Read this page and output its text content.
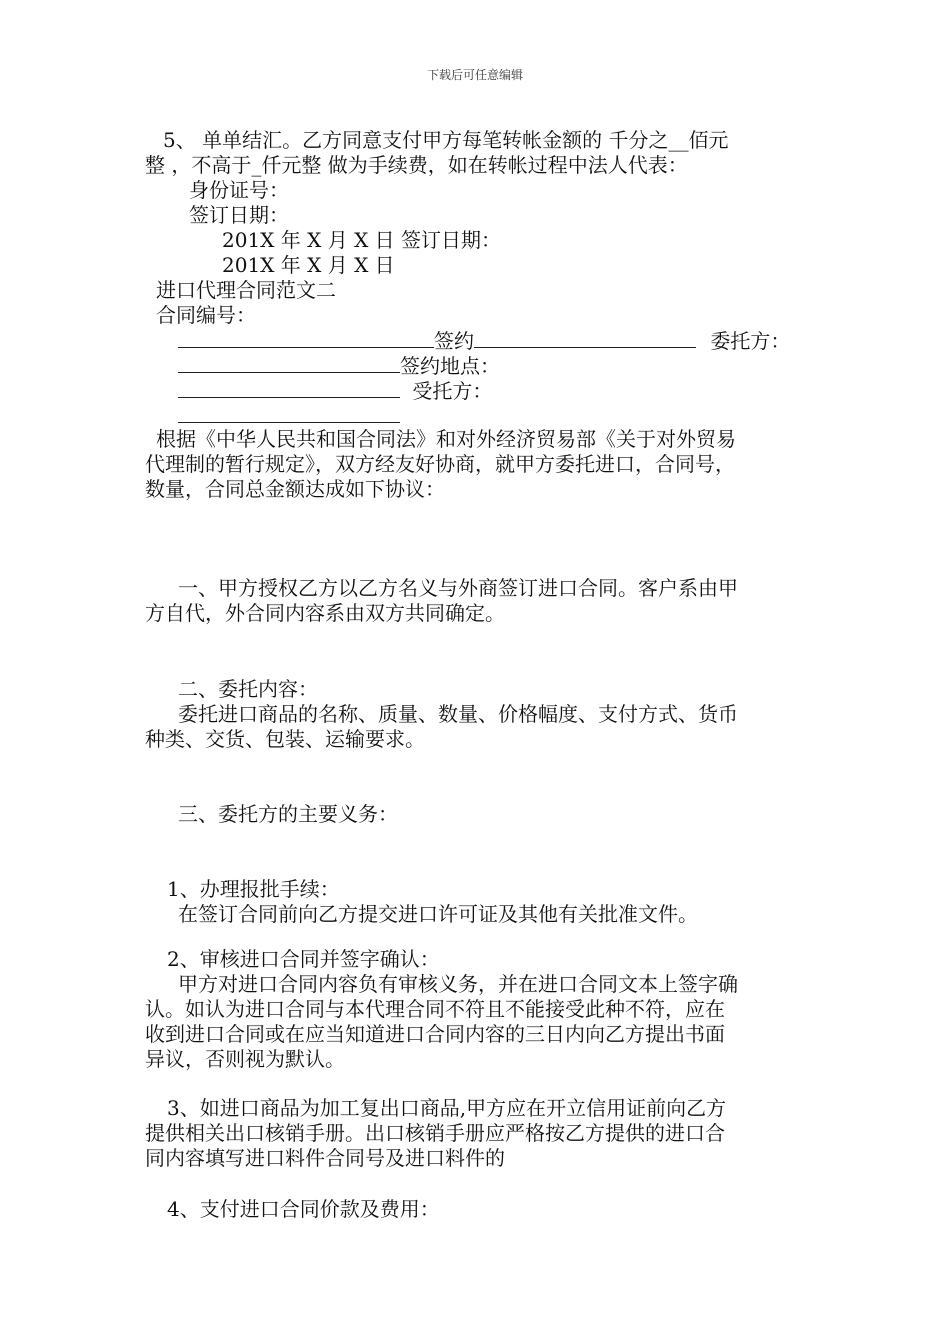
下载后可任意编辑
5、 单单结汇。乙方同意支付甲方每笔转帐金额的 千分之__佰元
整 ，不高于_仟元整 做为手续费，如在转帐过程中法人代表：
身份证号：
签订日期：
201X 年 X 月 X 日 签订日期：
201X 年 X 月 X 日
进口代理合同范文二
合同编号：
签约	委托方：
签约地点：
受托方：
根据《中华人民共和国合同法》和对外经济贸易部《关于对外贸易
代理制的暂行规定》，双方经友好协商，就甲方委托进口，合同号，
数量，合同总金额达成如下协议：
一、甲方授权乙方以乙方名义与外商签订进口合同。客户系由甲
方自代，外合同内容系由双方共同确定。
二、委托内容：
委托进口商品的名称、质量、数量、价格幅度、支付方式、货币
种类、交货、包装、运输要求。
三、委托方的主要义务：
1、办理报批手续：
在签订合同前向乙方提交进口许可证及其他有关批准文件。
2、审核进口合同并签字确认：
甲方对进口合同内容负有审核义务，并在进口合同文本上签字确
认。如认为进口合同与本代理合同不符且不能接受此种不符，应在
收到进口合同或在应当知道进口合同内容的三日内向乙方提出书面
异议，否则视为默认。
3、如进口商品为加工复出口商品,甲方应在开立信用证前向乙方
提供相关出口核销手册。出口核销手册应严格按乙方提供的进口合
同内容填写进口料件合同号及进口料件的
4、支付进口合同价款及费用：
